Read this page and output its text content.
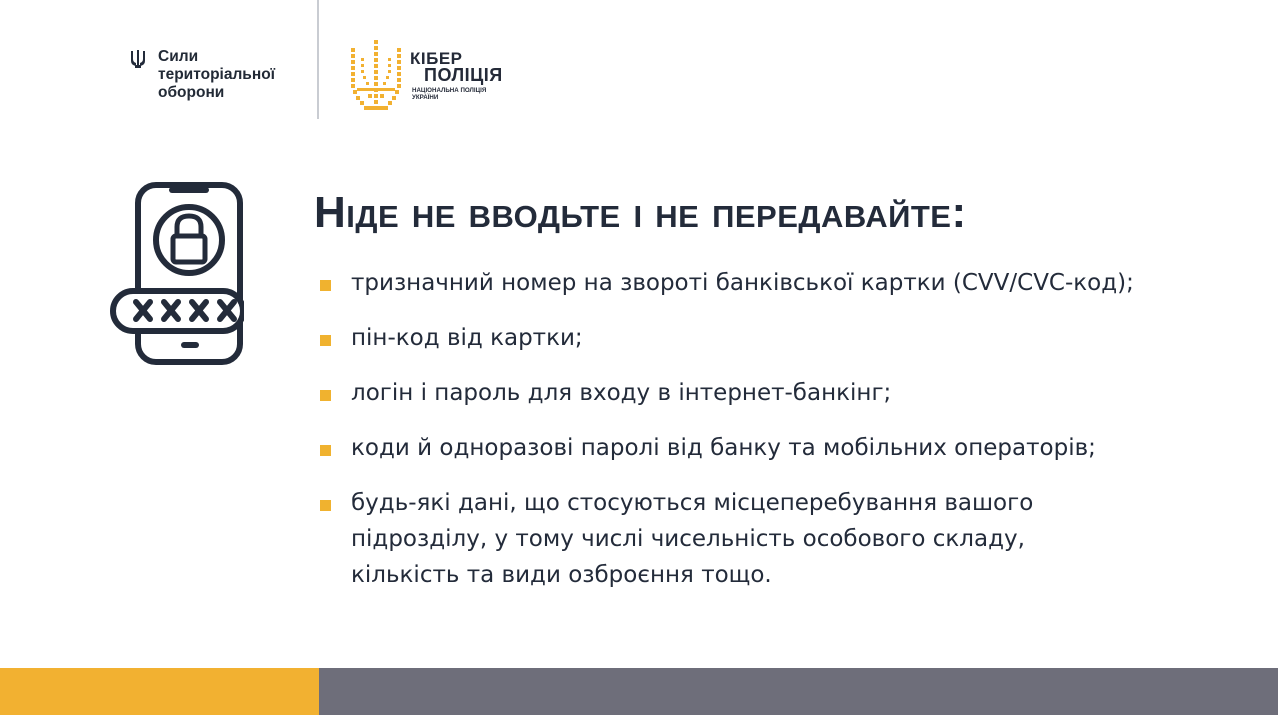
Сили
територіальної
оборони
КІБЕР
ПОЛІЦІЯ
НАЦІОНАЛЬНА ПОЛІЦІЯ
УКРАЇНИ
Ніде не вводьте і не передавайте:
тризначний номер на звороті банківської картки (CVV/CVC-код);
пін-код від картки;
логін і пароль для входу в інтернет-банкінг;
коди й одноразові паролі від банку та мобільних операторів;
будь-які дані, що стосуються місцеперебування вашого підрозділу, у тому числі чисельність особового складу, кількість та види озброєння тощо.
